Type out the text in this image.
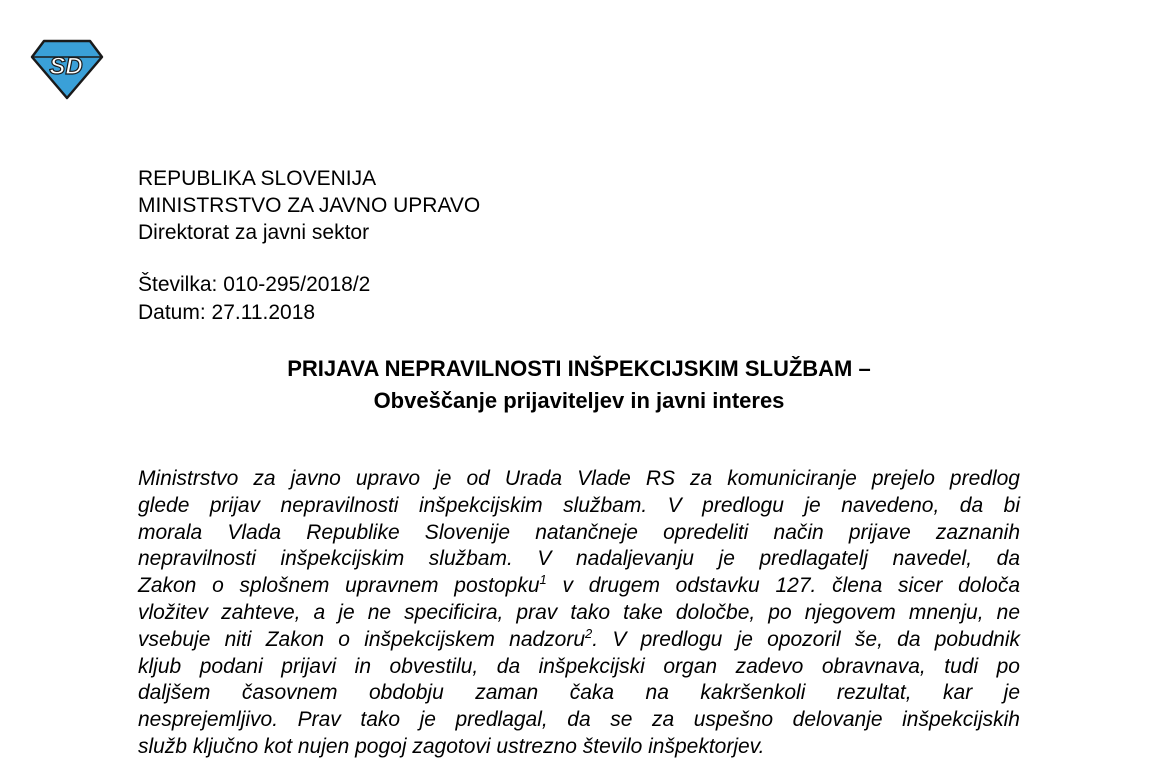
SD
REPUBLIKA SLOVENIJA
MINISTRSTVO ZA JAVNO UPRAVO
Direktorat za javni sektor
Številka: 010-295/2018/2
Datum: 27.11.2018
PRIJAVA NEPRAVILNOSTI INŠPEKCIJSKIM SLUŽBAM –
Obveščanje prijaviteljev in javni interes
Ministrstvo za javno upravo je od Urada Vlade RS za komuniciranje prejelo predlog
glede prijav nepravilnosti inšpekcijskim službam. V predlogu je navedeno, da bi
morala Vlada Republike Slovenije natančneje opredeliti način prijave zaznanih
nepravilnosti inšpekcijskim službam. V nadaljevanju je predlagatelj navedel, da
Zakon o splošnem upravnem postopku$^1$ v drugem odstavku 127. člena sicer določa
vložitev zahteve, a je ne specificira, prav tako take določbe, po njegovem mnenju, ne
vsebuje niti Zakon o inšpekcijskem nadzoru$^2$. V predlogu je opozoril še, da pobudnik
kljub podani prijavi in obvestilu, da inšpekcijski organ zadevo obravnava, tudi po
daljšem časovnem obdobju zaman čaka na kakršenkoli rezultat, kar je
nesprejemljivo. Prav tako je predlagal, da se za uspešno delovanje inšpekcijskih
služb ključno kot nujen pogoj zagotovi ustrezno število inšpektorjev.
